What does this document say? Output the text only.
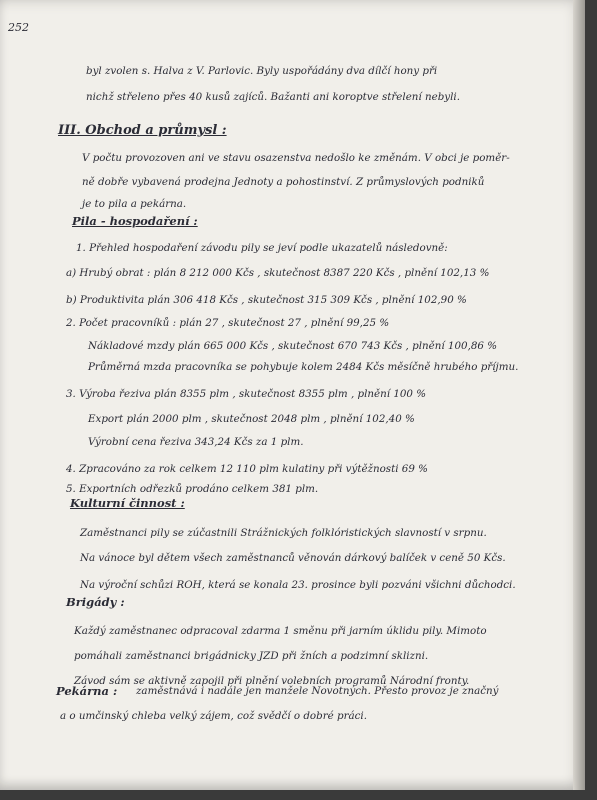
252
byl zvolen s. Halva z V. Parlovic. Byly uspořádány dva dílčí hony při
nichž střeleno přes 40 kusů zajíců. Bažanti ani koroptve střelení nebyli.
III. Obchod a průmysl :
V počtu provozoven ani ve stavu osazenstva nedošlo ke změnám. V obci je poměr-
ně dobře vybavená prodejna Jednoty a pohostinství. Z průmyslových podniků
je to pila a pekárna.
Pila - hospodaření :
1. Přehled hospodaření závodu pily se jeví podle ukazatelů následovně:
a) Hrubý obrat : plán 8 212 000 Kčs , skutečnost 8387 220 Kčs , plnění 102,13 %
b) Produktivita plán 306 418 Kčs , skutečnost 315 309 Kčs , plnění 102,90 %
2. Počet pracovníků : plán 27 , skutečnost 27 , plnění 99,25 %
Nákladové mzdy plán 665 000 Kčs , skutečnost 670 743 Kčs , plnění 100,86 %
Průměrná mzda pracovníka se pohybuje kolem 2484 Kčs měsíčně hrubého příjmu.
3. Výroba řeziva plán 8355 plm , skutečnost 8355 plm , plnění 100 %
Export plán 2000 plm , skutečnost 2048 plm , plnění 102,40 %
Výrobní cena řeziva 343,24 Kčs za 1 plm.
4. Zpracováno za rok celkem 12 110 plm kulatiny při výtěžnosti 69 %
5. Exportních odřezků prodáno celkem 381 plm.
Kulturní činnost :
Zaměstnanci pily se zúčastnili Strážnických folklóristických slavností v srpnu.
Na vánoce byl dětem všech zaměstnanců věnován dárkový balíček v ceně 50 Kčs.
Na výroční schůzi ROH, která se konala 23. prosince byli pozváni všichni důchodci.
Brigády :
Každý zaměstnanec odpracoval zdarma 1 směnu při jarním úklidu pily. Mimoto
pomáhali zaměstnanci brigádnicky JZD při žních a podzimní sklizni.
Závod sám se aktivně zapojil při plnění volebních programů Národní fronty.
Pekárna : zaměstnává i nadále jen manžele Novotných. Přesto provoz je značný
a o umčinský chleba velký zájem, což svědčí o dobré práci.
